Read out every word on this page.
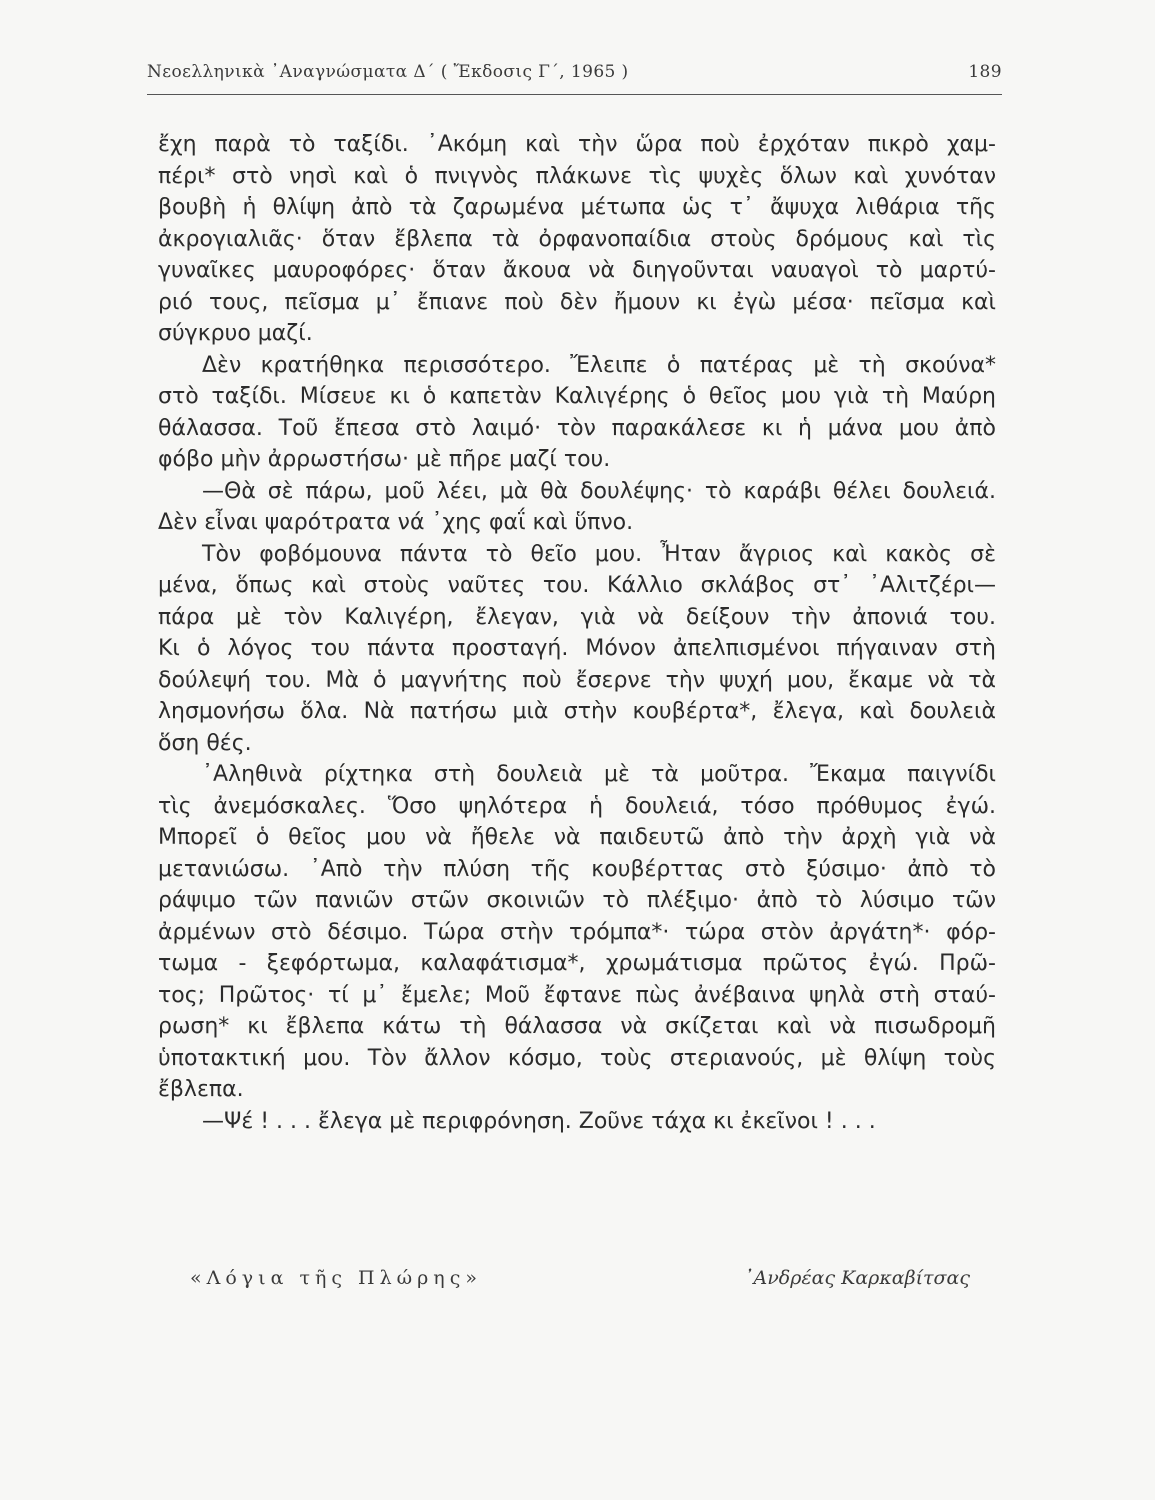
Νεοελληνικὰ ᾿Αναγνώσματα Δ΄ ( Ἔκδοσις Γ΄, 1965 )	189
ἔχη παρὰ τὸ ταξίδι. ᾿Ακόμη καὶ τὴν ὥρα ποὺ ἐρχόταν πικρὸ χαμ-
πέρι* στὸ νησὶ καὶ ὁ πνιγνὸς πλάκωνε τὶς ψυχὲς ὅλων καὶ χυνόταν
βουβὴ ἡ θλίψη ἀπὸ τὰ ζαρωμένα μέτωπα ὡς τ᾿ ἄψυχα λιθάρια τῆς
ἀκρογιαλιᾶς· ὅταν ἔβλεπα τὰ ὀρφανοπαίδια στοὺς δρόμους καὶ τὶς
γυναῖκες μαυροφόρες· ὅταν ἄκουα νὰ διηγοῦνται ναυαγοὶ τὸ μαρτύ-
ριό τους, πεῖσμα μ᾿ ἔπιανε ποὺ δὲν ἤμουν κι ἐγὼ μέσα· πεῖσμα καὶ
σύγκρυο μαζί.
Δὲν κρατήθηκα περισσότερο. Ἔλειπε ὁ πατέρας μὲ τὴ σκούνα*
στὸ ταξίδι. Μίσευε κι ὁ καπετὰν Καλιγέρης ὁ θεῖος μου γιὰ τὴ Μαύρη
θάλασσα. Τοῦ ἔπεσα στὸ λαιμό· τὸν παρακάλεσε κι ἡ μάνα μου ἀπὸ
φόβο μὴν ἀρρωστήσω· μὲ πῆρε μαζί του.
—Θὰ σὲ πάρω, μοῦ λέει, μὰ θὰ δουλέψης· τὸ καράβι θέλει δουλειά.
Δὲν εἶναι ψαρότρατα νά ᾿χης φαΐ καὶ ὕπνο.
Τὸν φοβόμουνα πάντα τὸ θεῖο μου. Ἦταν ἄγριος καὶ κακὸς σὲ
μένα, ὅπως καὶ στοὺς ναῦτες του. Κάλλιο σκλάβος στ᾿ ᾿Αλιτζέρι—
πάρα μὲ τὸν Καλιγέρη, ἔλεγαν, γιὰ νὰ δείξουν τὴν ἀπονιά του.
Κι ὁ λόγος του πάντα προσταγή. Μόνον ἀπελπισμένοι πήγαιναν στὴ
δούλεψή του. Μὰ ὁ μαγνήτης ποὺ ἔσερνε τὴν ψυχή μου, ἔκαμε νὰ τὰ
λησμονήσω ὅλα. Νὰ πατήσω μιὰ στὴν κουβέρτα*, ἔλεγα, καὶ δουλειὰ
ὅση θές.
᾿Αληθινὰ ρίχτηκα στὴ δουλειὰ μὲ τὰ μοῦτρα. Ἔκαμα παιγνίδι
τὶς ἀνεμόσκαλες. Ὅσο ψηλότερα ἡ δουλειά, τόσο πρόθυμος ἐγώ.
Μπορεῖ ὁ θεῖος μου νὰ ἤθελε νὰ παιδευτῶ ἀπὸ τὴν ἀρχὴ γιὰ νὰ
μετανιώσω. ᾿Απὸ τὴν πλύση τῆς κουβέρττας στὸ ξύσιμο· ἀπὸ τὸ
ράψιμο τῶν πανιῶν στῶν σκοινιῶν τὸ πλέξιμο· ἀπὸ τὸ λύσιμο τῶν
ἀρμένων στὸ δέσιμο. Τώρα στὴν τρόμπα*· τώρα στὸν ἀργάτη*· φόρ-
τωμα - ξεφόρτωμα, καλαφάτισμα*, χρωμάτισμα πρῶτος ἐγώ. Πρῶ-
τος; Πρῶτος· τί μ᾿ ἔμελε; Μοῦ ἔφτανε πὼς ἀνέβαινα ψηλὰ στὴ σταύ-
ρωση* κι ἔβλεπα κάτω τὴ θάλασσα νὰ σκίζεται καὶ νὰ πισωδρομῆ
ὑποτακτική μου. Τὸν ἄλλον κόσμο, τοὺς στεριανούς, μὲ θλίψη τοὺς
ἔβλεπα.
—Ψέ ! . . . ἔλεγα μὲ περιφρόνηση. Ζοῦνε τάχα κι ἐκεῖνοι ! . . .
«Λόγια τῆς Πλώρης»	᾿Ανδρέας Καρκαβίτσας
